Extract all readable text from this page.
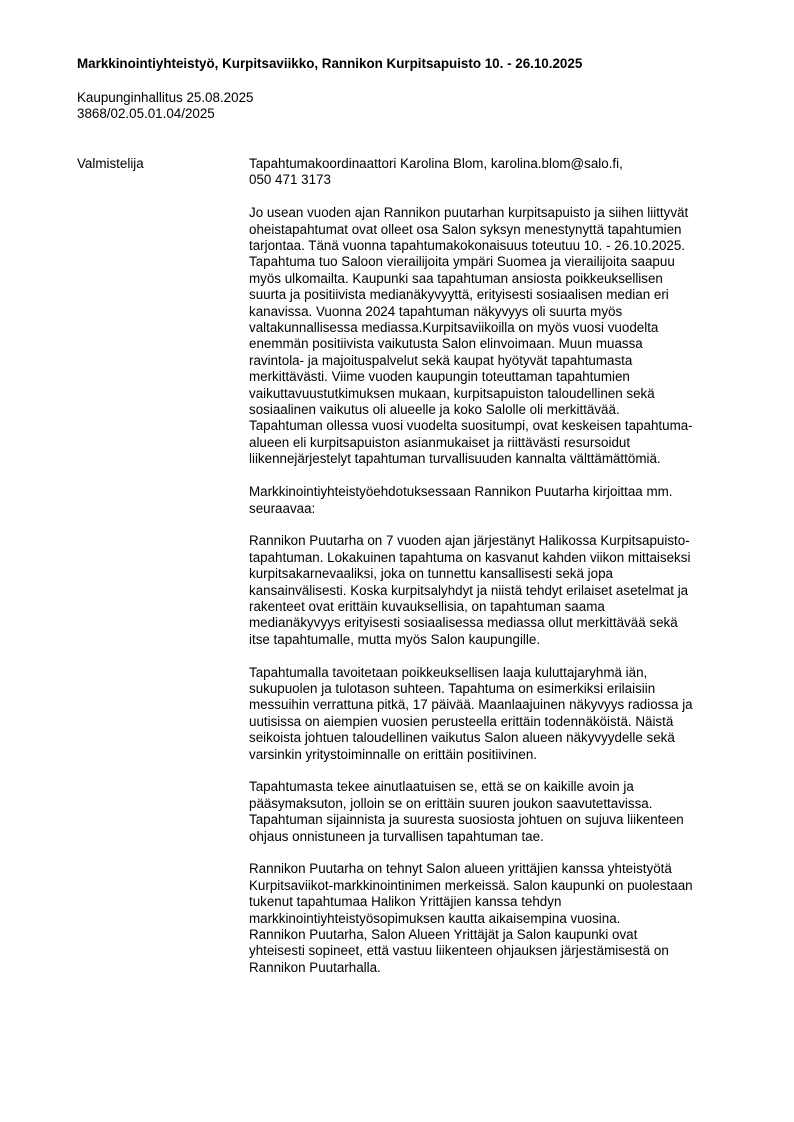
Markkinointiyhteistyö, Kurpitsaviikko, Rannikon Kurpitsapuisto 10. - 26.10.2025
Kaupunginhallitus 25.08.2025
3868/02.05.01.04/2025
Valmistelija	Tapahtumakoordinaattori Karolina Blom, karolina.blom@salo.fi,
050 471 3173
Jo usean vuoden ajan Rannikon puutarhan kurpitsapuisto ja siihen liittyvät
oheistapahtumat ovat olleet osa Salon syksyn menestynyttä tapahtumien
tarjontaa. Tänä vuonna tapahtumakokonaisuus toteutuu 10. - 26.10.2025.
Tapahtuma tuo Saloon vierailijoita ympäri Suomea ja vierailijoita saapuu
myös ulkomailta. Kaupunki saa tapahtuman ansiosta poikkeuksellisen
suurta ja positiivista medianäkyvyyttä, erityisesti sosiaalisen median eri
kanavissa. Vuonna 2024 tapahtuman näkyvyys oli suurta myös
valtakunnallisessa mediassa.Kurpitsaviikoilla on myös vuosi vuodelta
enemmän positiivista vaikutusta Salon elinvoimaan. Muun muassa
ravintola- ja majoituspalvelut sekä kaupat hyötyvät tapahtumasta
merkittävästi. Viime vuoden kaupungin toteuttaman tapahtumien
vaikuttavuustutkimuksen mukaan, kurpitsapuiston taloudellinen sekä
sosiaalinen vaikutus oli alueelle ja koko Salolle oli merkittävää.
Tapahtuman ollessa vuosi vuodelta suositumpi, ovat keskeisen tapahtuma-
alueen eli kurpitsapuiston asianmukaiset ja riittävästi resursoidut
liikennejärjestelyt tapahtuman turvallisuuden kannalta välttämättömiä.
Markkinointiyhteistyöehdotuksessaan Rannikon Puutarha kirjoittaa mm.
seuraavaa:
Rannikon Puutarha on 7 vuoden ajan järjestänyt Halikossa Kurpitsapuisto-
tapahtuman. Lokakuinen tapahtuma on kasvanut kahden viikon mittaiseksi
kurpitsakarnevaaliksi, joka on tunnettu kansallisesti sekä jopa
kansainvälisesti. Koska kurpitsalyhdyt ja niistä tehdyt erilaiset asetelmat ja
rakenteet ovat erittäin kuvauksellisia, on tapahtuman saama
medianäkyvyys erityisesti sosiaalisessa mediassa ollut merkittävää sekä
itse tapahtumalle, mutta myös Salon kaupungille.
Tapahtumalla tavoitetaan poikkeuksellisen laaja kuluttajaryhmä iän,
sukupuolen ja tulotason suhteen. Tapahtuma on esimerkiksi erilaisiin
messuihin verrattuna pitkä, 17 päivää. Maanlaajuinen näkyvyys radiossa ja
uutisissa on aiempien vuosien perusteella erittäin todennäköistä. Näistä
seikoista johtuen taloudellinen vaikutus Salon alueen näkyvyydelle sekä
varsinkin yritystoiminnalle on erittäin positiivinen.
Tapahtumasta tekee ainutlaatuisen se, että se on kaikille avoin ja
pääsymaksuton, jolloin se on erittäin suuren joukon saavutettavissa.
Tapahtuman sijainnista ja suuresta suosiosta johtuen on sujuva liikenteen
ohjaus onnistuneen ja turvallisen tapahtuman tae.
Rannikon Puutarha on tehnyt Salon alueen yrittäjien kanssa yhteistyötä
Kurpitsaviikot-markkinointinimen merkeissä. Salon kaupunki on puolestaan
tukenut tapahtumaa Halikon Yrittäjien kanssa tehdyn
markkinointiyhteistyösopimuksen kautta aikaisempina vuosina.
Rannikon Puutarha, Salon Alueen Yrittäjät ja Salon kaupunki ovat
yhteisesti sopineet, että vastuu liikenteen ohjauksen järjestämisestä on
Rannikon Puutarhalla.
